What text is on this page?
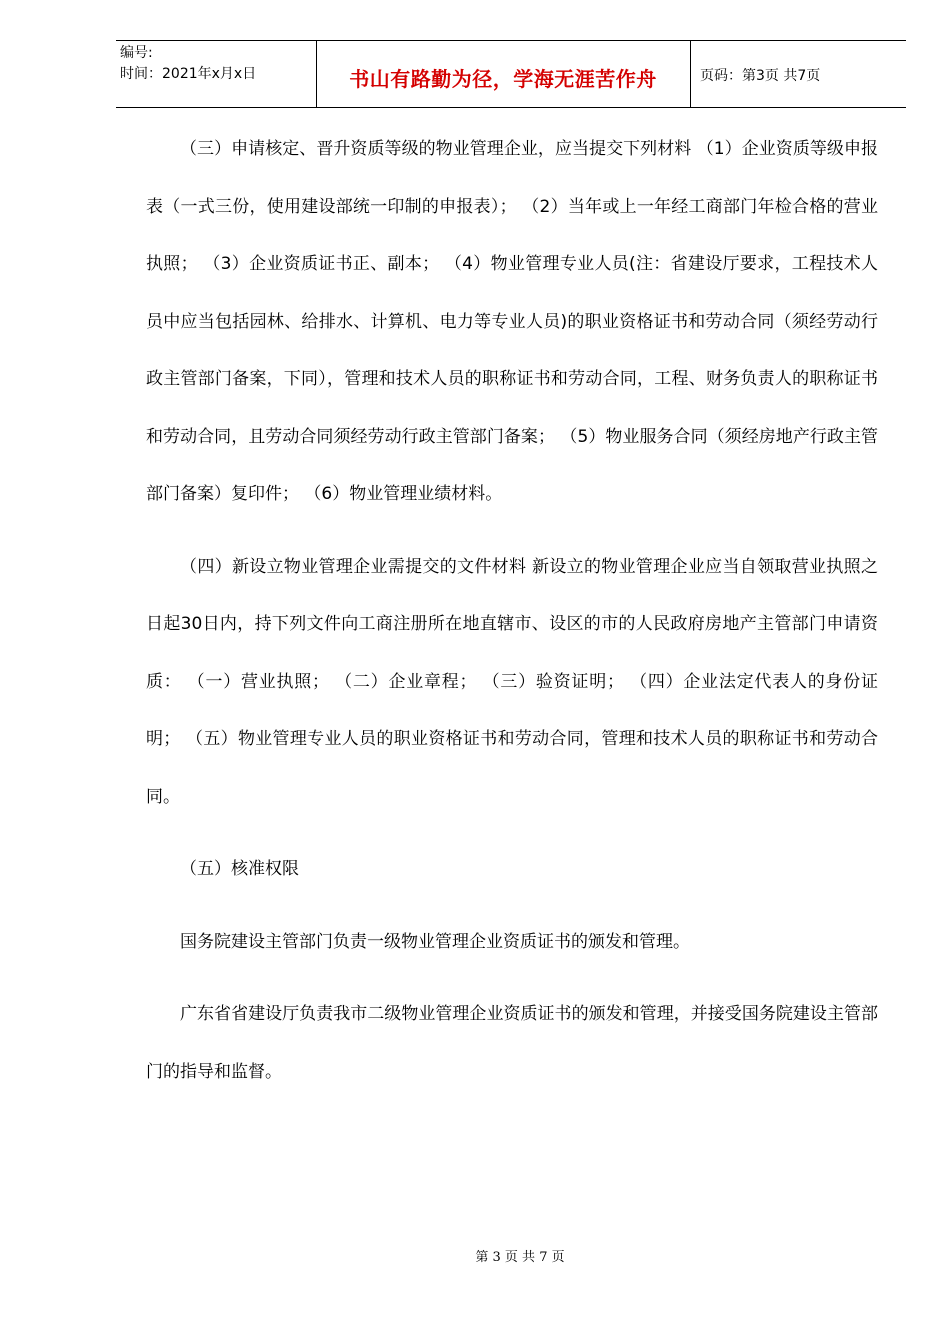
编号:
时间：2021年x月x日	书山有路勤为径，学海无涯苦作舟	页码：第3页 共7页

（三）申请核定、晋升资质等级的物业管理企业，应当提交下列材料 （1）企业资质等级申报表（一式三份，使用建设部统一印制的申报表）； （2）当年或上一年经工商部门年检合格的营业执照； （3）企业资质证书正、副本； （4）物业管理专业人员(注：省建设厅要求，工程技术人员中应当包括园林、给排水、计算机、电力等专业人员)的职业资格证书和劳动合同（须经劳动行政主管部门备案，下同），管理和技术人员的职称证书和劳动合同，工程、财务负责人的职称证书和劳动合同，且劳动合同须经劳动行政主管部门备案； （5）物业服务合同（须经房地产行政主管部门备案）复印件； （6）物业管理业绩材料。

（四）新设立物业管理企业需提交的文件材料 新设立的物业管理企业应当自领取营业执照之日起30日内，持下列文件向工商注册所在地直辖市、设区的市的人民政府房地产主管部门申请资质： （一）营业执照； （二）企业章程； （三）验资证明； （四）企业法定代表人的身份证明； （五）物业管理专业人员的职业资格证书和劳动合同，管理和技术人员的职称证书和劳动合同。

（五）核准权限

国务院建设主管部门负责一级物业管理企业资质证书的颁发和管理。

广东省省建设厅负责我市二级物业管理企业资质证书的颁发和管理，并接受国务院建设主管部门的指导和监督。

第 3 页 共 7 页
